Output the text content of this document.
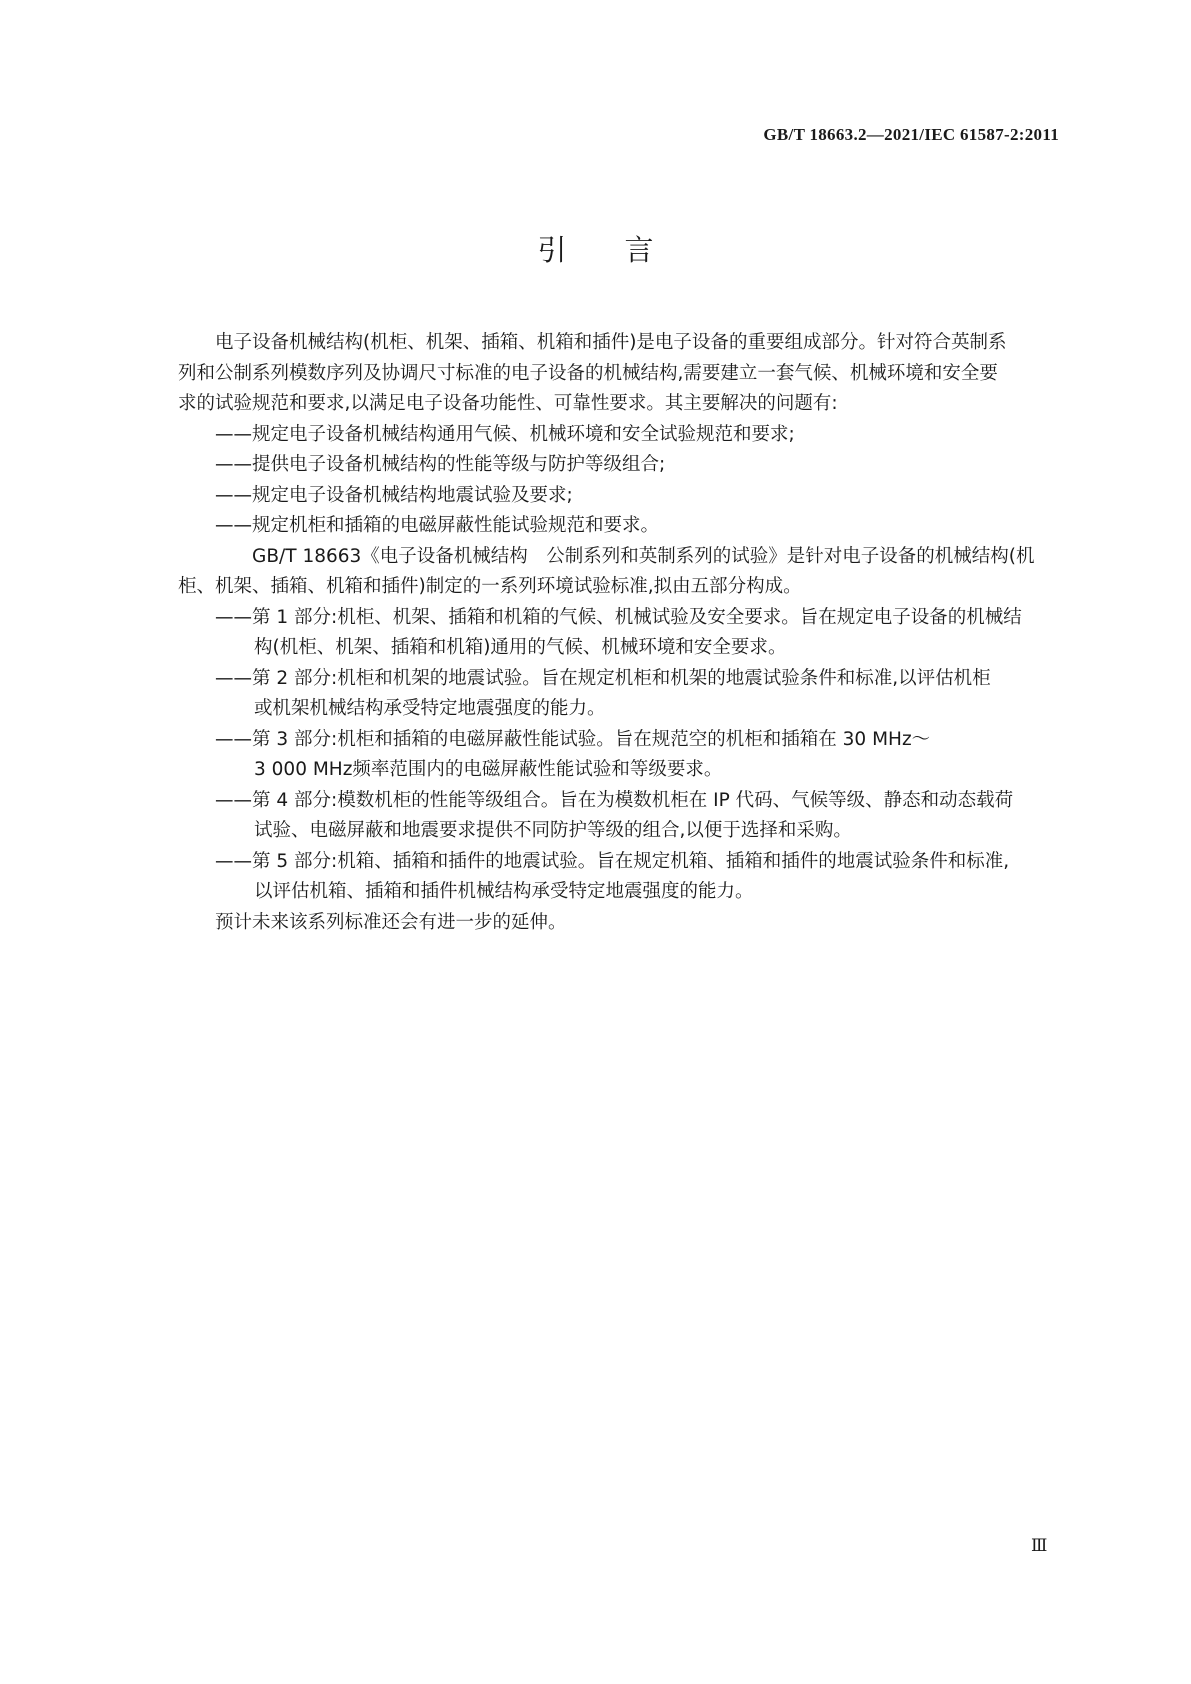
GB/T 18663.2—2021/IEC 61587-2:2011
引言

电子设备机械结构(机柜、机架、插箱、机箱和插件)是电子设备的重要组成部分。针对符合英制系
列和公制系列模数序列及协调尺寸标准的电子设备的机械结构,需要建立一套气候、机械环境和安全要
求的试验规范和要求,以满足电子设备功能性、可靠性要求。其主要解决的问题有:

——规定电子设备机械结构通用气候、机械环境和安全试验规范和要求;

——提供电子设备机械结构的性能等级与防护等级组合;

——规定电子设备机械结构地震试验及要求;

——规定机柜和插箱的电磁屏蔽性能试验规范和要求。

GB/T 18663《电子设备机械结构　公制系列和英制系列的试验》是针对电子设备的机械结构(机
柜、机架、插箱、机箱和插件)制定的一系列环境试验标准,拟由五部分构成。

——第 1 部分:机柜、机架、插箱和机箱的气候、机械试验及安全要求。旨在规定电子设备的机械结
构(机柜、机架、插箱和机箱)通用的气候、机械环境和安全要求。
——第 2 部分:机柜和机架的地震试验。旨在规定机柜和机架的地震试验条件和标准,以评估机柜
或机架机械结构承受特定地震强度的能力。
——第 3 部分:机柜和插箱的电磁屏蔽性能试验。旨在规范空的机柜和插箱在 30 MHz～
3 000 MHz频率范围内的电磁屏蔽性能试验和等级要求。
——第 4 部分:模数机柜的性能等级组合。旨在为模数机柜在 IP 代码、气候等级、静态和动态载荷
试验、电磁屏蔽和地震要求提供不同防护等级的组合,以便于选择和采购。
——第 5 部分:机箱、插箱和插件的地震试验。旨在规定机箱、插箱和插件的地震试验条件和标准,
以评估机箱、插箱和插件机械结构承受特定地震强度的能力。

预计未来该系列标准还会有进一步的延伸。

Ⅲ
